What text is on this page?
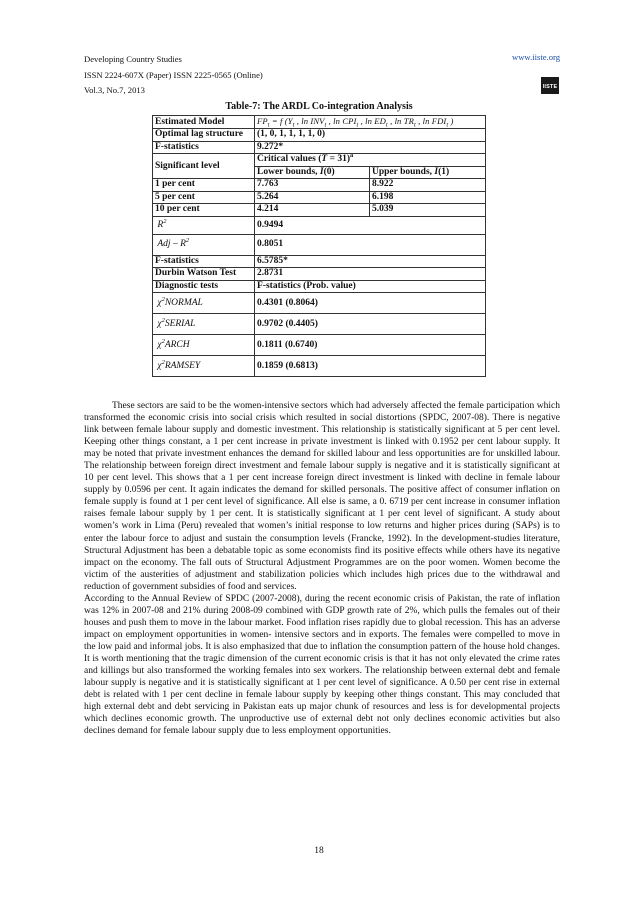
Developing Country Studies
ISSN 2224-607X (Paper) ISSN 2225-0565 (Online)
Vol.3, No.7, 2013
www.iiste.org
IISTE
Table-7: The ARDL Co-integration Analysis
Estimated Model	$FP_t = f$ ($Y_t$ , $\ln INV_t$ , $\ln CPI_t$ , $\ln ED_t$ , $\ln TR_t$ , $\ln FDI_t$ )	
Optimal lag structure	(1, 0, 1, 1, 1, 1, 0)	
F-statistics	9.272*	
Significant level	Critical values (T = 31)$^a$
	Lower bounds, I(0)	Upper bounds, I(1)
1 per cent	7.763	8.922
5 per cent	5.264	6.198
10 per cent	4.214	5.039
$R^2$	0.9494	
Adj – $R^2$	0.8051	
F-statistics	6.5785*	
Durbin Watson Test	2.8731	
Diagnostic tests	F-statistics (Prob. value)	
$\chi^2NORMAL$	0.4301 (0.8064)	
$\chi^2SERIAL$	0.9702 (0.4405)	
$\chi^2ARCH$	0.1811 (0.6740)	
$\chi^2RAMSEY$	0.1859 (0.6813)	

These sectors are said to be the women-intensive sectors which had adversely affected the female participation which transformed the economic crisis into social crisis which resulted in social distortions (SPDC, 2007-08). There is negative link between female labour supply and domestic investment. This relationship is statistically significant at 5 per cent level. Keeping other things constant, a 1 per cent increase in private investment is linked with 0.1952 per cent labour supply. It may be noted that private investment enhances the demand for skilled labour and less opportunities are for unskilled labour. The relationship between foreign direct investment and female labour supply is negative and it is statistically significant at 10 per cent level. This shows that a 1 per cent increase foreign direct investment is linked with decline in female labour supply by 0.0596 per cent. It again indicates the demand for skilled personals. The positive affect of consumer inflation on female supply is found at 1 per cent level of significance. All else is same, a 0. 6719 per cent increase in consumer inflation raises female labour supply by 1 per cent. It is statistically significant at 1 per cent level of significant. A study about women’s work in Lima (Peru) revealed that women’s initial response to low returns and higher prices during (SAPs) is to enter the labour force to adjust and sustain the consumption levels (Francke, 1992). In the development-studies literature, Structural Adjustment has been a debatable topic as some economists find its positive effects while others have its negative impact on the economy. The fall outs of Structural Adjustment Programmes are on the poor women. Women become the victim of the austerities of adjustment and stabilization policies which includes high prices due to the withdrawal and reduction of government subsidies of food and services.

According to the Annual Review of SPDC (2007-2008), during the recent economic crisis of Pakistan, the rate of inflation was 12% in 2007-08 and 21% during 2008-09 combined with GDP growth rate of 2%, which pulls the females out of their houses and push them to move in the labour market. Food inflation rises rapidly due to global recession. This has an adverse impact on employment opportunities in women- intensive sectors and in exports. The females were compelled to move in the low paid and informal jobs. It is also emphasized that due to inflation the consumption pattern of the house hold changes. It is worth mentioning that the tragic dimension of the current economic crisis is that it has not only elevated the crime rates and killings but also transformed the working females into sex workers. The relationship between external debt and female labour supply is negative and it is statistically significant at 1 per cent level of significance. A 0.50 per cent rise in external debt is related with 1 per cent decline in female labour supply by keeping other things constant. This may concluded that high external debt and debt servicing in Pakistan eats up major chunk of resources and less is for developmental projects which declines economic growth. The unproductive use of external debt not only declines economic activities but also declines demand for female labour supply due to less employment opportunities.

18
